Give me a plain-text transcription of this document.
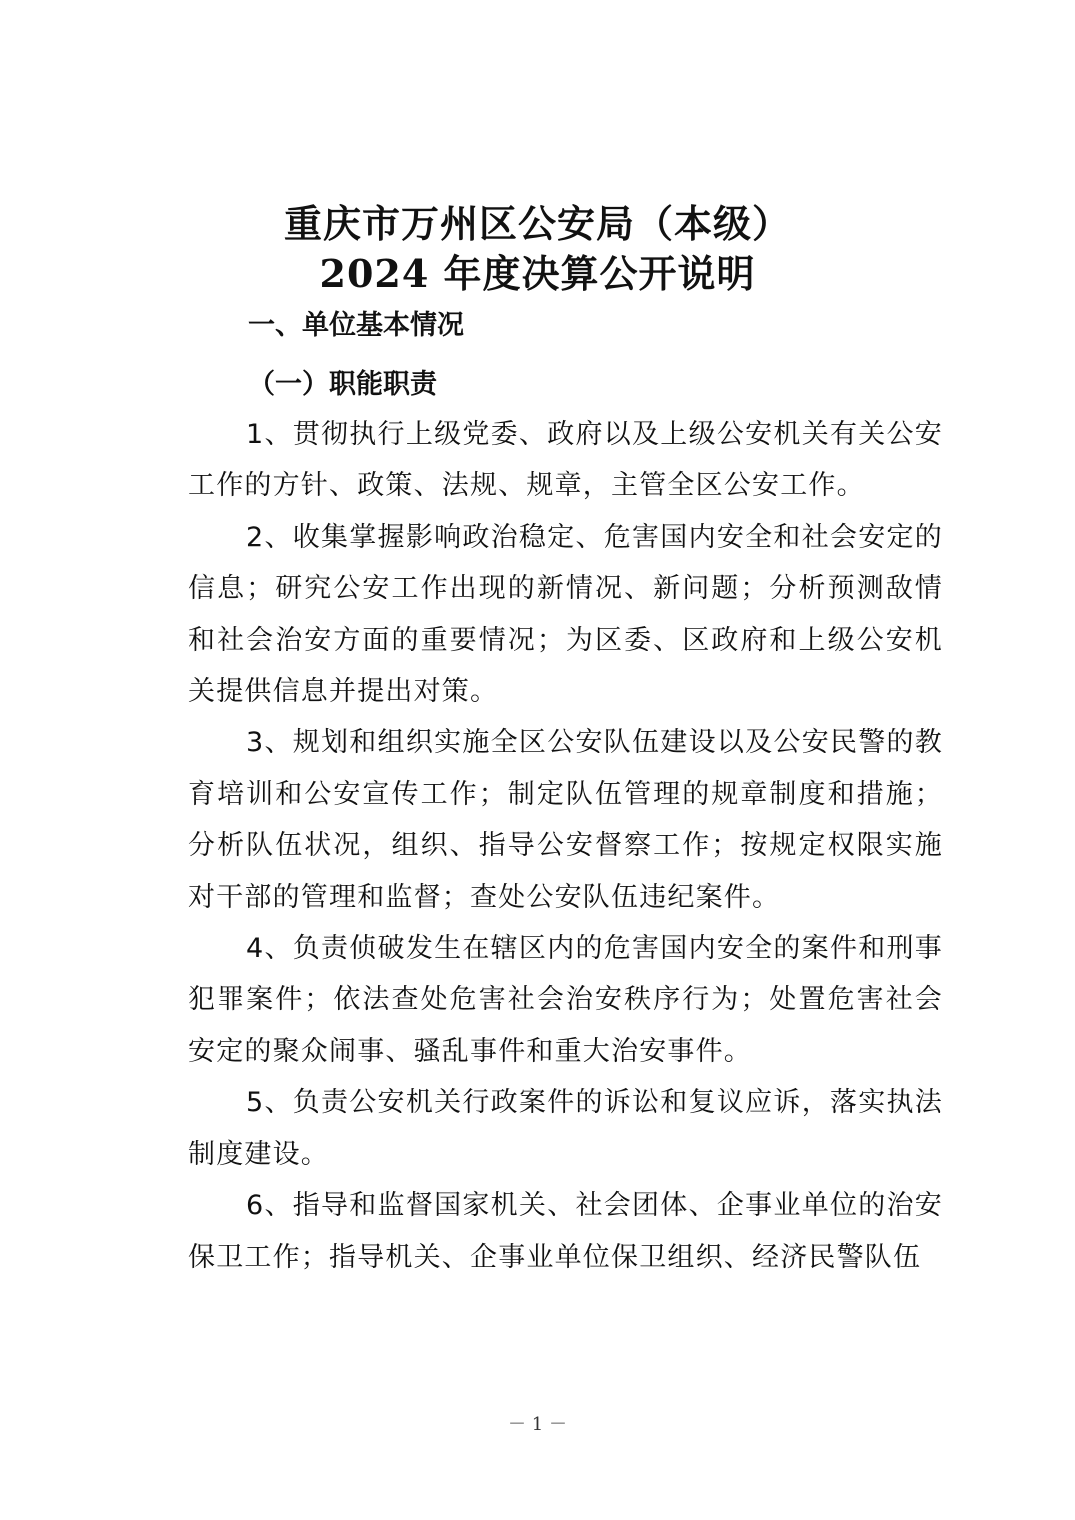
重庆市万州区公安局（本级）
2024 年度决算公开说明
一、单位基本情况
（一）职能职责

1、贯彻执行上级党委、政府以及上级公安机关有关公安工作的方针、政策、法规、规章，主管全区公安工作。

2、收集掌握影响政治稳定、危害国内安全和社会安定的信息；研究公安工作出现的新情况、新问题；分析预测敌情和社会治安方面的重要情况；为区委、区政府和上级公安机关提供信息并提出对策。

3、规划和组织实施全区公安队伍建设以及公安民警的教育培训和公安宣传工作；制定队伍管理的规章制度和措施；分析队伍状况，组织、指导公安督察工作；按规定权限实施对干部的管理和监督；查处公安队伍违纪案件。

4、负责侦破发生在辖区内的危害国内安全的案件和刑事犯罪案件；依法查处危害社会治安秩序行为；处置危害社会安定的聚众闹事、骚乱事件和重大治安事件。

5、负责公安机关行政案件的诉讼和复议应诉，落实执法制度建设。

6、指导和监督国家机关、社会团体、企事业单位的治安保卫工作；指导机关、企事业单位保卫组织、经济民警队伍

－ 1 －
